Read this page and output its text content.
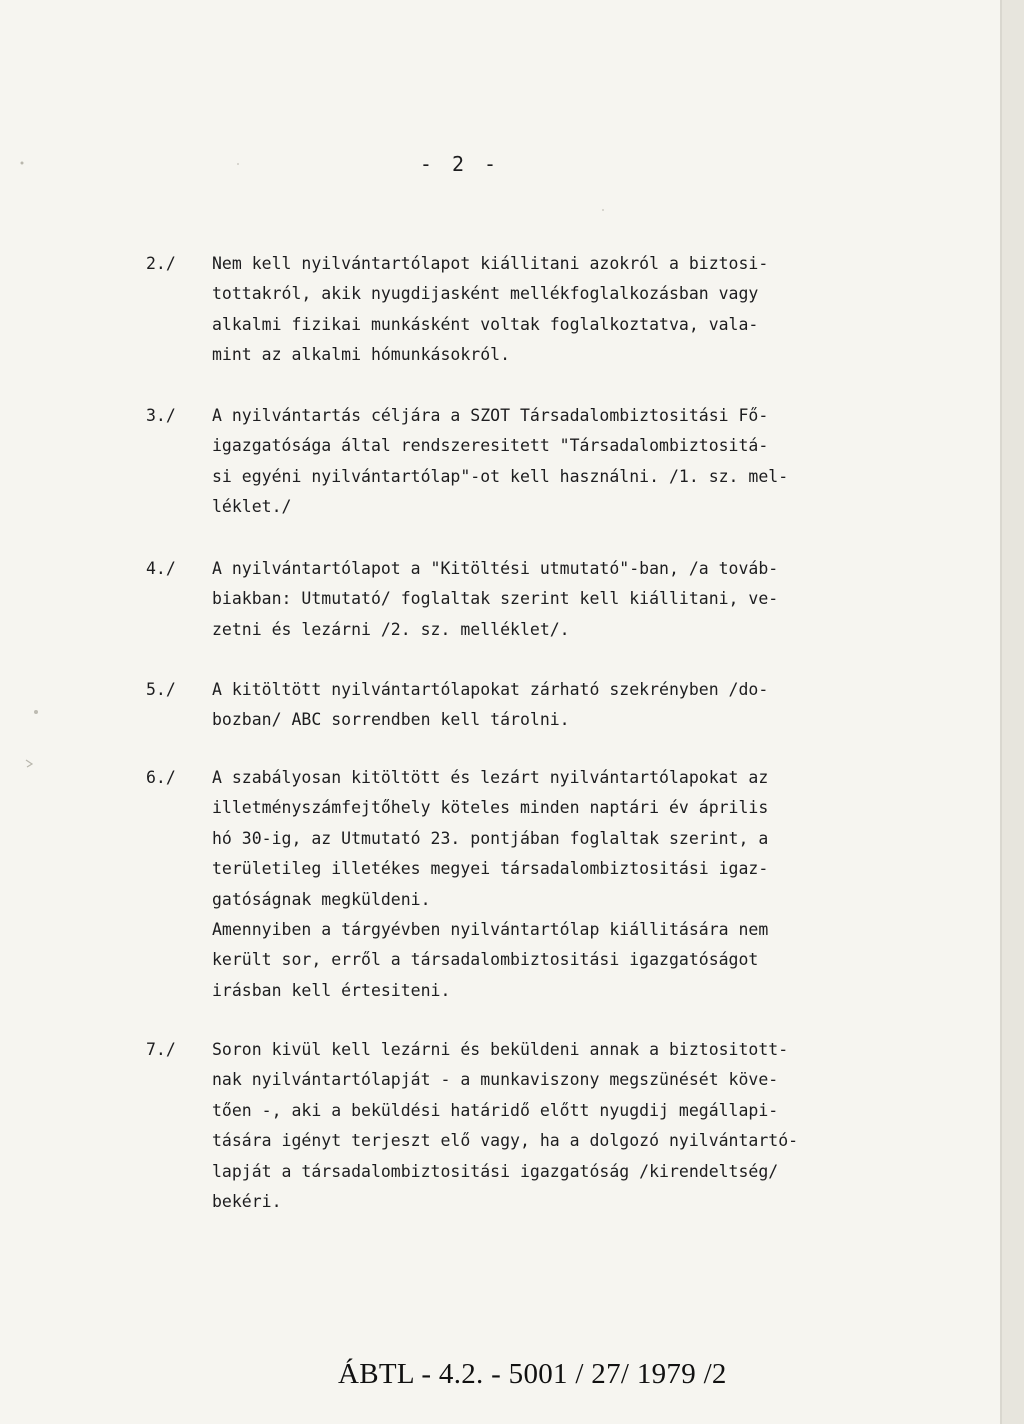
- 2 -
2./	Nem kell nyilvántartólapot kiállitani azokról a biztosi-
tottakról, akik nyugdijasként mellékfoglalkozásban vagy
alkalmi fizikai munkásként voltak foglalkoztatva, vala-
mint az alkalmi hómunkásokról.
3./	A nyilvántartás céljára a SZOT Társadalombiztositási Fő-
igazgatósága által rendszeresitett "Társadalombiztositá-
si egyéni nyilvántartólap"-ot kell használni. /1. sz. mel-
léklet./
4./	A nyilvántartólapot a "Kitöltési utmutató"-ban, /a továb-
biakban: Utmutató/ foglaltak szerint kell kiállitani, ve-
zetni és lezárni /2. sz. melléklet/.
5./	A kitöltött nyilvántartólapokat zárható szekrényben /do-
bozban/ ABC sorrendben kell tárolni.
6./	A szabályosan kitöltött és lezárt nyilvántartólapokat az
illetményszámfejtőhely köteles minden naptári év április
hó 30-ig, az Utmutató 23. pontjában foglaltak szerint, a
területileg illetékes megyei társadalombiztositási igaz-
gatóságnak megküldeni.
Amennyiben a tárgyévben nyilvántartólap kiállitására nem
került sor, erről a társadalombiztositási igazgatóságot
irásban kell értesiteni.
7./	Soron kivül kell lezárni és beküldeni annak a biztositott-
nak nyilvántartólapját - a munkaviszony megszünését köve-
tően -, aki a beküldési határidő előtt nyugdij megállapi-
tására igényt terjeszt elő vagy, ha a dolgozó nyilvántartó-
lapját a társadalombiztositási igazgatóság /kirendeltség/
bekéri.
ÁBTL - 4.2. - 5001 / 27/ 1979 /2
